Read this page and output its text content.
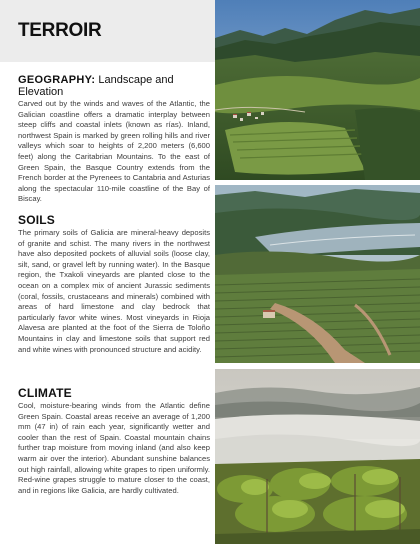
TERROIR
GEOGRAPHY: Landscape and Elevation

Carved out by the winds and waves of the Atlantic, the Galician coastline offers a dramatic interplay between steep cliffs and coastal inlets (known as rías). Inland, northwest Spain is marked by green rolling hills and river valleys which soar to heights of 2,200 meters (6,600 feet) along the Caritabrian Mountains. To the east of Green Spain, the Basque Country extends from the French border at the Pyrenees to Cantabria and Asturias along the spectacular 110-mile coastline of the Bay of Biscay.

SOILS

The primary soils of Galicia are mineral-heavy deposits of granite and schist. The many rivers in the northwest have also deposited pockets of alluvial soils (loose clay, silt, sand, or gravel left by running water). In the Basque region, the Txakoli vineyards are planted close to the ocean on a complex mix of ancient Jurassic sediments (coral, fossils, crustaceans and minerals) combined with areas of hard limestone and clay bedrock that particularly favor white wines. Most vineyards in Rioja Alavesa are planted at the foot of the Sierra de Toloño Mountains in clay and limestone soils that support red and white wines with pronounced structure and acidity.

CLIMATE

Cool, moisture-bearing winds from the Atlantic define Green Spain. Coastal areas receive an average of 1,200 mm (47 in) of rain each year, significantly wetter and cooler than the rest of Spain. Coastal mountain chains further trap moisture from moving inland (and also keep warm air over the interior). Abundant sunshine balances out high rainfall, allowing white grapes to ripen uniformly. Red-wine grapes struggle to mature closer to the coast, and in regions like Galicia, are hardly cultivated.
